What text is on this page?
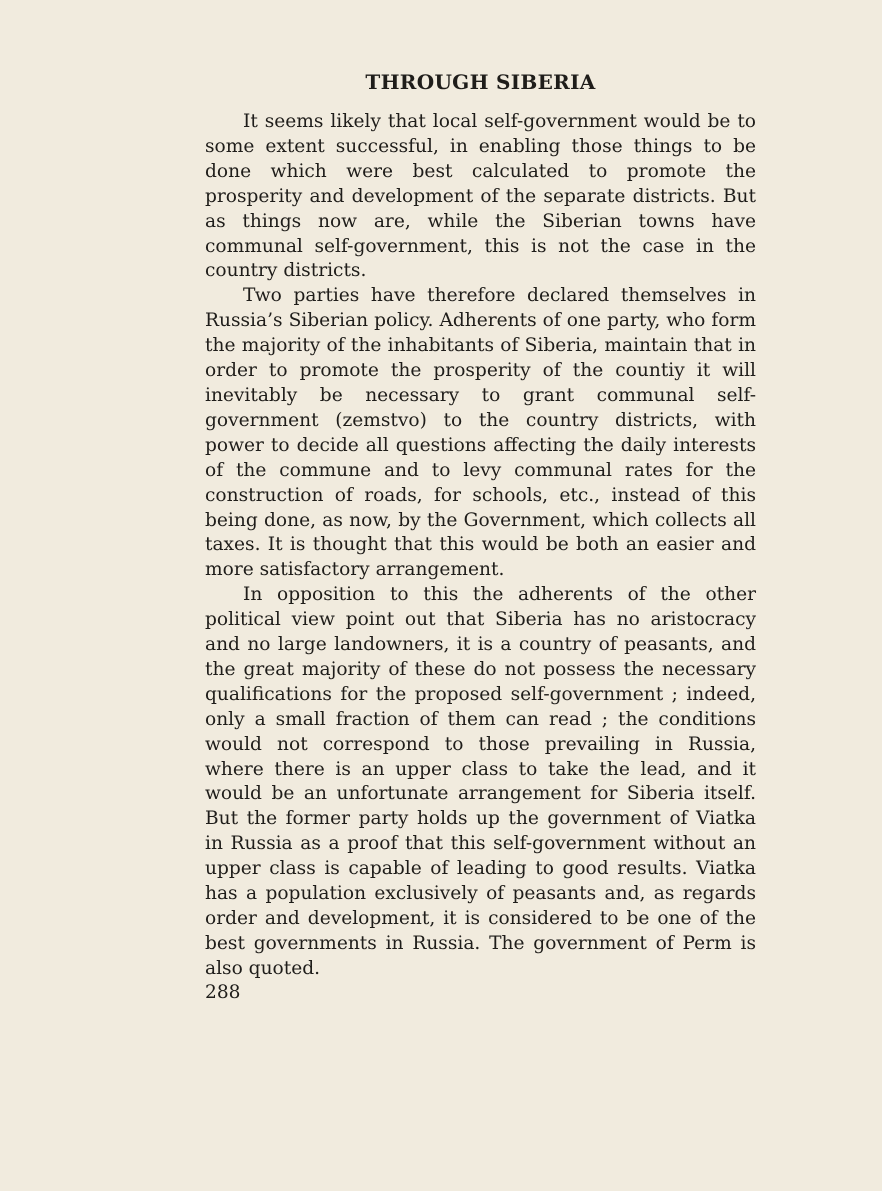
THROUGH SIBERIA

It seems likely that local self-government would be to some extent successful, in enabling those things to be done which were best calculated to promote the prosperity and development of the separate districts. But as things now are, while the Siberian towns have communal self-government, this is not the case in the country districts.

Two parties have therefore declared themselves in Russia’s Siberian policy. Adherents of one party, who form the majority of the inhabitants of Siberia, maintain that in order to promote the prosperity of the countiy it will inevitably be necessary to grant communal self-government (zemstvo) to the country districts, with power to decide all questions affecting the daily interests of the commune and to levy communal rates for the construction of roads, for schools, etc., instead of this being done, as now, by the Government, which collects all taxes. It is thought that this would be both an easier and more satisfactory arrangement.

In opposition to this the adherents of the other political view point out that Siberia has no aristocracy and no large landowners, it is a country of peasants, and the great majority of these do not possess the necessary qualifications for the proposed self-government ; indeed, only a small fraction of them can read ; the conditions would not correspond to those prevailing in Russia, where there is an upper class to take the lead, and it would be an unfortunate arrangement for Siberia itself. But the former party holds up the government of Viatka in Russia as a proof that this self-government without an upper class is capable of leading to good results. Viatka has a population exclusively of peasants and, as regards order and development, it is considered to be one of the best governments in Russia. The government of Perm is also quoted.

288
